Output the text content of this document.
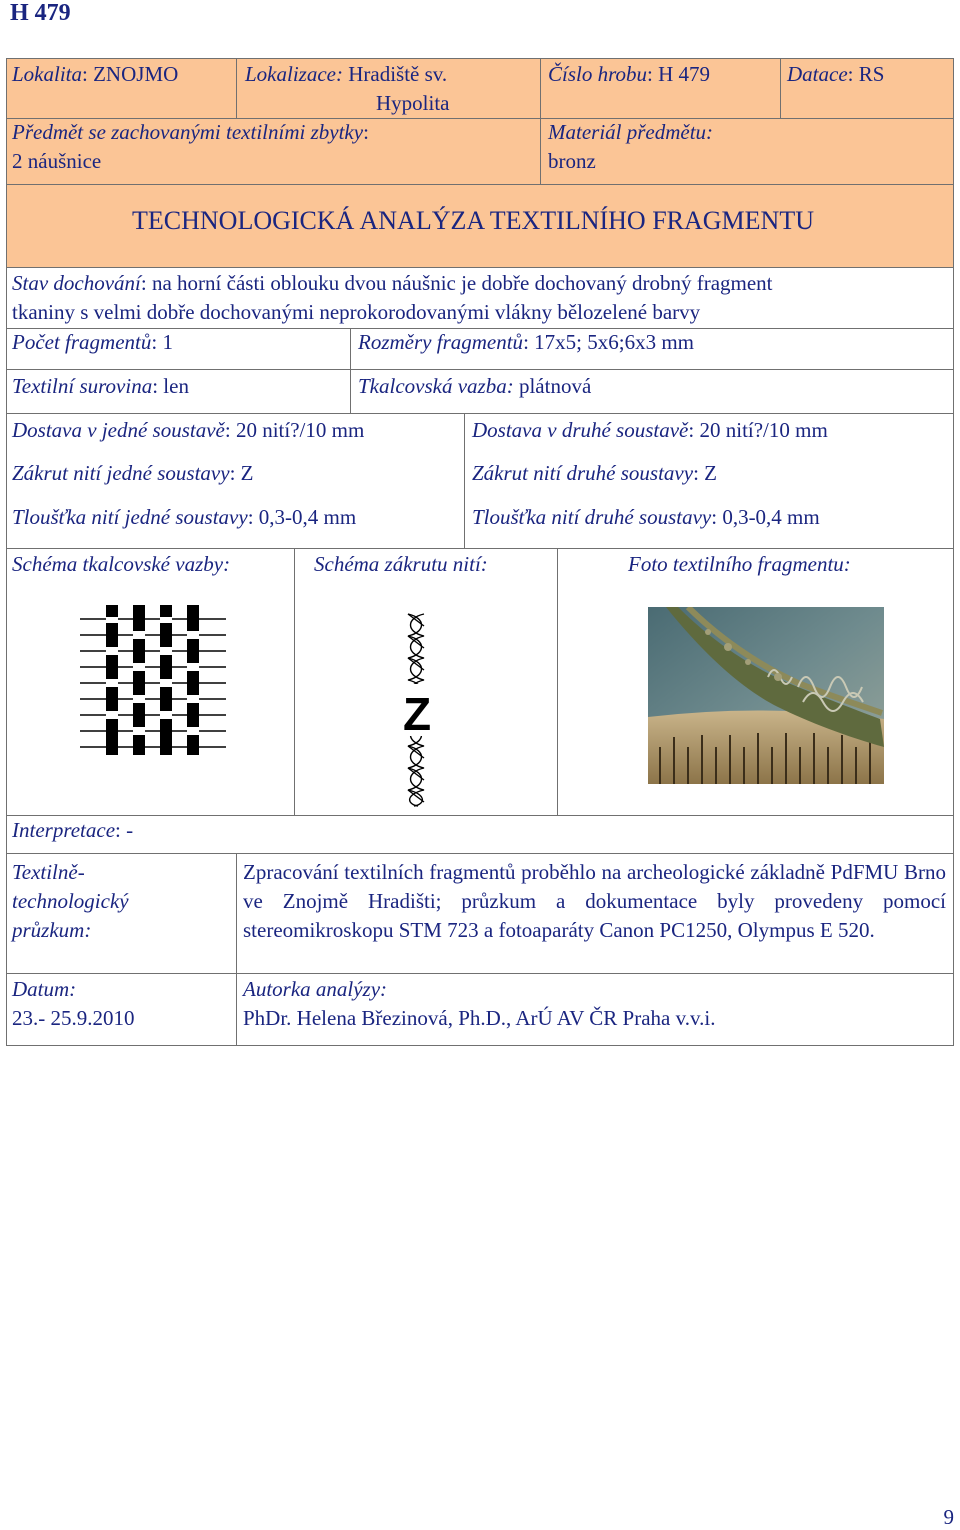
H 479
Lokalita: ZNOJMO	Lokalizace: Hradiště sv.
Hypolita
Číslo hrobu: H 479	Datace: RS
Předmět se zachovanými textilními zbytky:
2 náušnice
Materiál předmětu:
bronz
TECHNOLOGICKÁ ANALÝZA TEXTILNÍHO FRAGMENTU
Stav dochování: na horní části oblouku dvou náušnic je dobře dochovaný drobný fragment
tkaniny s velmi dobře dochovanými neprokorodovanými vlákny bělozelené barvy
Počet fragmentů: 1	Rozměry fragmentů: 17x5; 5x6;6x3 mm
Textilní surovina: len	Tkalcovská vazba: plátnová
Dostava v jedné soustavě: 20 nití?/10 mm	Dostava v druhé soustavě: 20 nití?/10 mm
Zákrut nití jedné soustavy: Z	Zákrut nití druhé soustavy: Z
Tloušťka nití jedné soustavy: 0,3-0,4 mm	Tloušťka nití druhé soustavy: 0,3-0,4 mm
Schéma tkalcovské vazby:	Schéma zákrutu nití:	Foto textilního fragmentu:
Z
Interpretace: -
Textilně-
technologický
průzkum:
Zpracování textilních fragmentů proběhlo na archeologické základně PdFMU Brno ve Znojmě Hradišti; průzkum a dokumentace byly provedeny pomocí stereomikroskopu STM 723 a fotoaparáty Canon PC1250, Olympus E 520.
Datum:
23.- 25.9.2010
Autorka analýzy:
PhDr. Helena Březinová, Ph.D., ArÚ AV ČR Praha v.v.i.
9
